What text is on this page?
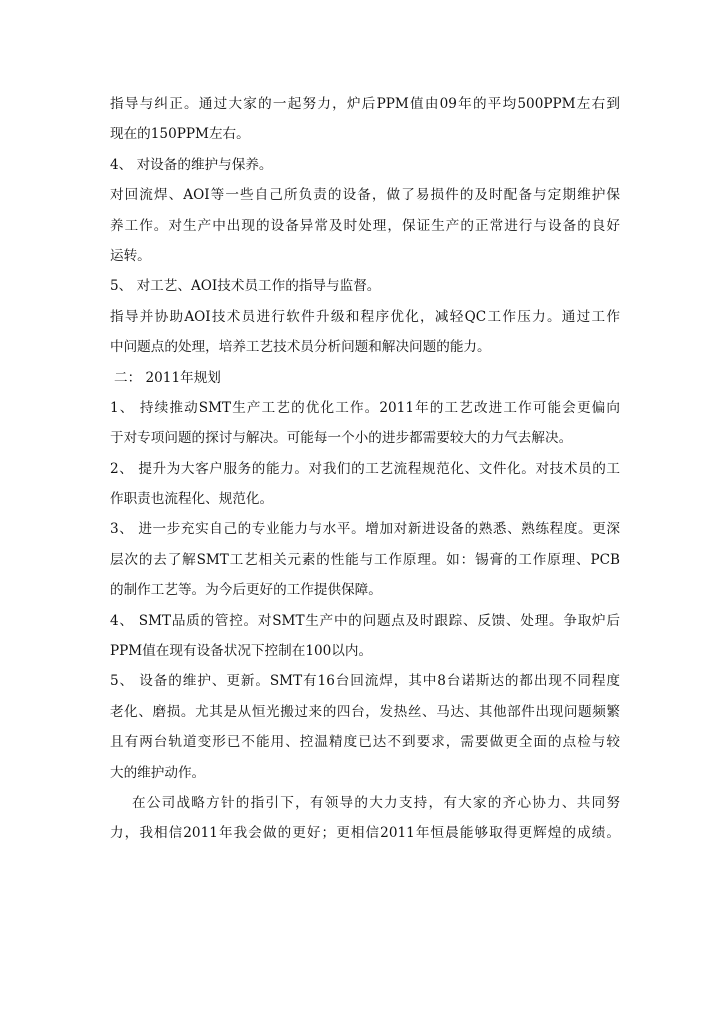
指导与纠正。通过大家的一起努力，炉后PPM值由09年的平均500PPM左右到
现在的150PPM左右。
4、 对设备的维护与保养。
对回流焊、AOI等一些自己所负责的设备，做了易损件的及时配备与定期维护保
养工作。对生产中出现的设备异常及时处理，保证生产的正常进行与设备的良好
运转。
5、 对工艺、AOI技术员工作的指导与监督。
指导并协助AOI技术员进行软件升级和程序优化，减轻QC工作压力。通过工作
中问题点的处理，培养工艺技术员分析问题和解决问题的能力。
二： 2011年规划
1、 持续推动SMT生产工艺的优化工作。2011年的工艺改进工作可能会更偏向
于对专项问题的探讨与解决。可能每一个小的进步都需要较大的力气去解决。
2、 提升为大客户服务的能力。对我们的工艺流程规范化、文件化。对技术员的工
作职责也流程化、规范化。
3、 进一步充实自己的专业能力与水平。增加对新进设备的熟悉、熟练程度。更深
层次的去了解SMT工艺相关元素的性能与工作原理。如：锡膏的工作原理、PCB
的制作工艺等。为今后更好的工作提供保障。
4、 SMT品质的管控。对SMT生产中的问题点及时跟踪、反馈、处理。争取炉后
PPM值在现有设备状况下控制在100以内。
5、 设备的维护、更新。SMT有16台回流焊，其中8台诺斯达的都出现不同程度
老化、磨损。尤其是从恒光搬过来的四台，发热丝、马达、其他部件出现问题频繁
且有两台轨道变形已不能用、控温精度已达不到要求，需要做更全面的点检与较
大的维护动作。
在公司战略方针的指引下，有领导的大力支持，有大家的齐心协力、共同努
力，我相信2011年我会做的更好；更相信2011年恒晨能够取得更辉煌的成绩。
